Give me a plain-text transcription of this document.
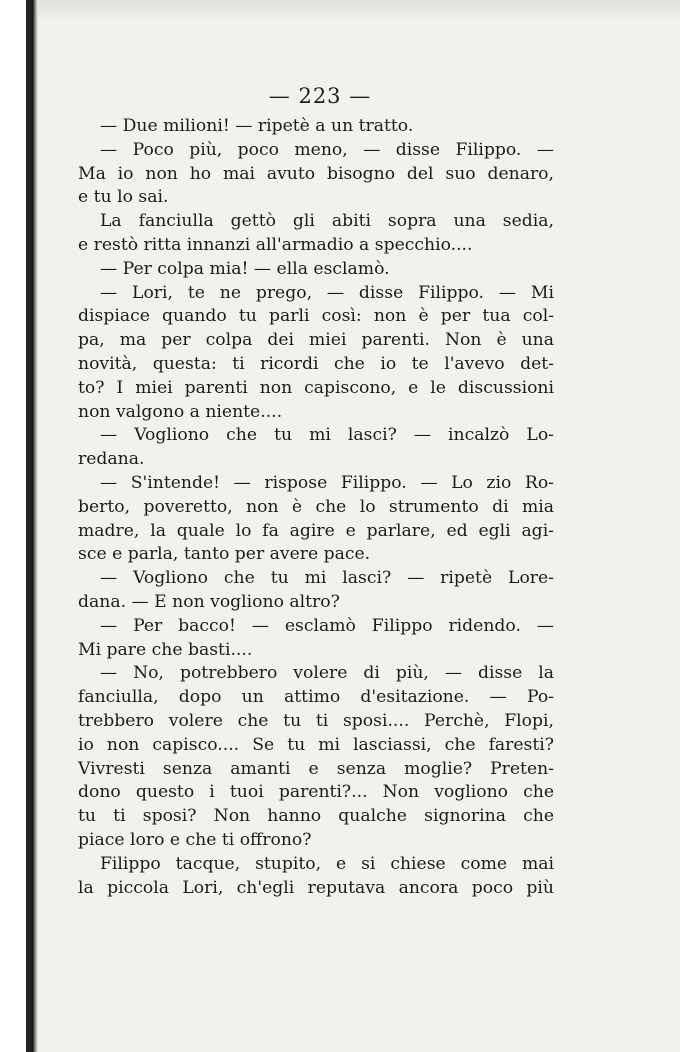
— 223 —
— Due milioni! — ripetè a un tratto.
— Poco più, poco meno, — disse Filippo. —
Ma io non ho mai avuto bisogno del suo denaro,
e tu lo sai.
La fanciulla gettò gli abiti sopra una sedia,
e restò ritta innanzi all'armadio a specchio....
— Per colpa mia! — ella esclamò.
— Lori, te ne prego, — disse Filippo. — Mi
dispiace quando tu parli così: non è per tua col-
pa, ma per colpa dei miei parenti. Non è una
novità, questa: ti ricordi che io te l'avevo det-
to? I miei parenti non capiscono, e le discussioni
non valgono a niente....
— Vogliono che tu mi lasci? — incalzò Lo-
redana.
— S'intende! — rispose Filippo. — Lo zio Ro-
berto, poveretto, non è che lo strumento di mia
madre, la quale lo fa agire e parlare, ed egli agi-
sce e parla, tanto per avere pace.
— Vogliono che tu mi lasci? — ripetè Lore-
dana. — E non vogliono altro?
— Per bacco! — esclamò Filippo ridendo. —
Mi pare che basti....
— No, potrebbero volere di più, — disse la
fanciulla, dopo un attimo d'esitazione. — Po-
trebbero volere che tu ti sposi.... Perchè, Flopi,
io non capisco.... Se tu mi lasciassi, che faresti?
Vivresti senza amanti e senza moglie? Preten-
dono questo i tuoi parenti?... Non vogliono che
tu ti sposi? Non hanno qualche signorina che
piace loro e che ti offrono?
Filippo tacque, stupito, e si chiese come mai
la piccola Lori, ch'egli reputava ancora poco più
